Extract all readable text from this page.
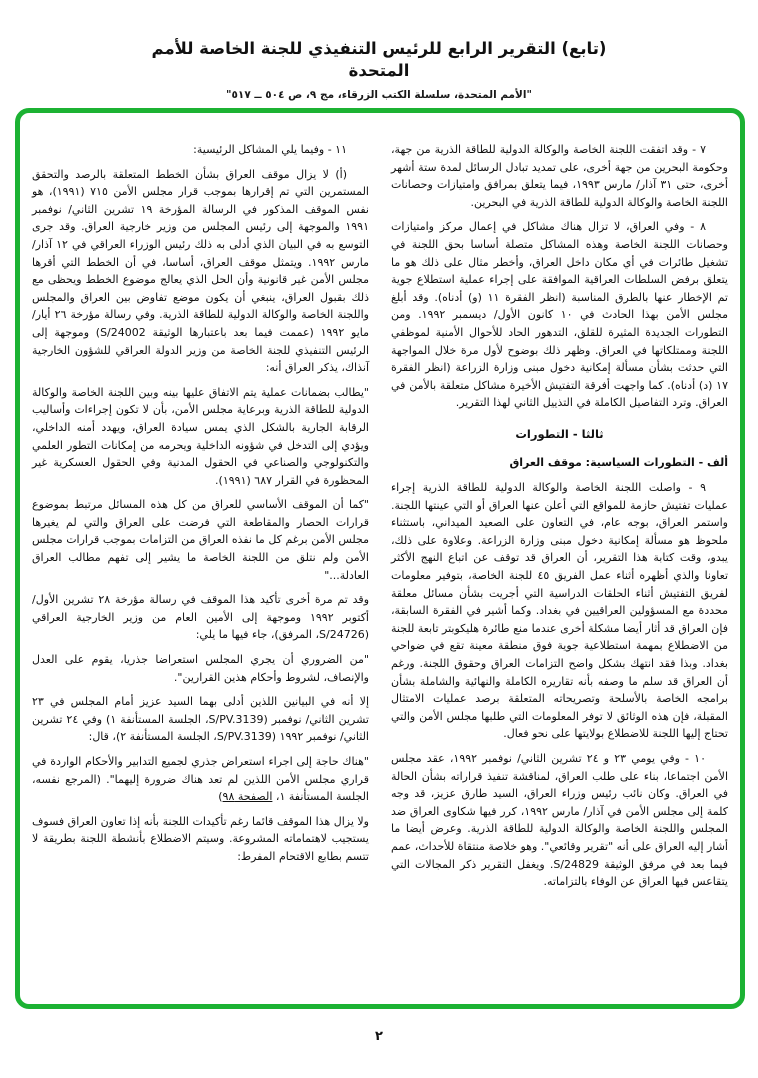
(تابع) التقرير الرابع للرئيس التنفيذي للجنة الخاصة للأمم المتحدة
"الأمم المتحدة، سلسلة الكتب الزرقاء، مج ٩، ص ٥٠٤ ــ ٥١٧"

٧ - وقد اتفقت اللجنة الخاصة والوكالة الدولية للطاقة الذرية من جهة، وحكومة البحرين من جهة أخرى، على تمديد تبادل الرسائل لمدة ستة أشهر أخرى، حتى ٣١ آذار/ مارس ١٩٩٣، فيما يتعلق بمرافق وامتيازات وحصانات اللجنة الخاصة والوكالة الدولية للطاقة الذرية في البحرين.

٨ - وفي العراق، لا تزال هناك مشاكل في إعمال مركز وامتيازات وحصانات اللجنة الخاصة وهذه المشاكل متصلة أساسا بحق اللجنة في تشغيل طائرات في أي مكان داخل العراق، وأخطر مثال على ذلك هو ما يتعلق برفض السلطات العراقية الموافقة على إجراء عملية استطلاع جوية تم الإخطار عنها بالطرق المناسبة (انظر الفقرة ١١ (و) أدناه). وقد أبلغ مجلس الأمن بهذا الحادث في ١٠ كانون الأول/ ديسمبر ١٩٩٢. ومن التطورات الجديدة المثيرة للقلق، التدهور الحاد للأحوال الأمنية لموظفي اللجنة وممتلكاتها في العراق. وظهر ذلك بوضوح لأول مرة خلال المواجهة التي حدثت بشأن مسألة إمكانية دخول مبنى وزارة الزراعة (انظر الفقرة ١٧ (د) أدناه). كما واجهت أفرقة التفتيش الأخيرة مشاكل متعلقة بالأمن في العراق. وترد التفاصيل الكاملة في التذييل الثاني لهذا التقرير.

ثالثا - التطورات
ألف - التطورات السياسية: موقف العراق

٩ - واصلت اللجنة الخاصة والوكالة الدولية للطاقة الذرية إجراء عمليات تفتيش حازمة للمواقع التي أعلن عنها العراق أو التي عينتها اللجنة. واستمر العراق، بوجه عام، في التعاون على الصعيد الميداني، باستثناء ملحوظ هو مسألة إمكانية دخول مبنى وزارة الزراعة. وعلاوة على ذلك، يبدو، وقت كتابة هذا التقرير، أن العراق قد توقف عن اتباع النهج الأكثر تعاونا والذي أظهره أثناء عمل الفريق ٤٥ للجنة الخاصة، بتوفير معلومات لفريق التفتيش أثناء الحلقات الدراسية التي أجريت بشأن مسائل معلقة محددة مع المسؤولين العراقيين في بغداد. وكما أشير في الفقرة السابقة، فإن العراق قد أثار أيضا مشكلة أخرى عندما منع طائرة هليكوبتر تابعة للجنة من الاضطلاع بمهمة استطلاعية جوية فوق منطقة معينة تقع في ضواحي بغداد. وبذا فقد انتهك بشكل واضح التزامات العراق وحقوق اللجنة. ورغم أن العراق قد سلم ما وصفه بأنه تقاريره الكاملة والنهائية والشاملة بشأن برامجه الخاصة بالأسلحة وتصريحاته المتعلقة برصد عمليات الامتثال المقبلة، فإن هذه الوثائق لا توفر المعلومات التي طلبها مجلس الأمن والتي تحتاج إليها اللجنة للاضطلاع بولايتها على نحو فعال.

١٠ - وفي يومي ٢٣ و ٢٤ تشرين الثاني/ نوفمبر ١٩٩٢، عقد مجلس الأمن اجتماعا، بناء على طلب العراق، لمناقشة تنفيذ قراراته بشأن الحالة في العراق. وكان نائب رئيس وزراء العراق، السيد طارق عزيز، قد وجه كلمة إلى مجلس الأمن في آذار/ مارس ١٩٩٢، كرر فيها شكاوى العراق ضد المجلس واللجنة الخاصة والوكالة الدولية للطاقة الذرية. وعرض أيضا ما أشار إليه العراق على أنه "تقرير وقائعي". وهو خلاصة منتقاة للأحداث، عمم فيما بعد في مرفق الوثيقة S/24829. ويغفل التقرير ذكر المجالات التي يتقاعس فيها العراق عن الوفاء بالتزاماته.

١١ - وفيما يلي المشاكل الرئيسية:

(أ) لا يزال موقف العراق بشأن الخطط المتعلقة بالرصد والتحقق المستمرين التي تم إقرارها بموجب قرار مجلس الأمن ٧١٥ (١٩٩١)، هو نفس الموقف المذكور في الرسالة المؤرخة ١٩ تشرين الثاني/ نوفمبر ١٩٩١ والموجهة إلى رئيس المجلس من وزير خارجية العراق. وقد جرى التوسع به في البيان الذي أدلى به ذلك رئيس الوزراء العراقي في ١٢ آذار/ مارس ١٩٩٢. ويتمثل موقف العراق، أساسا، في أن الخطط التي أقرها مجلس الأمن غير قانونية وأن الحل الذي يعالج موضوع الخطط ويحظى مع ذلك بقبول العراق، ينبغي أن يكون موضع تفاوض بين العراق والمجلس واللجنة الخاصة والوكالة الدولية للطاقة الذرية. وفي رسالة مؤرخة ٢٦ أيار/ مايو ١٩٩٢ (عممت فيما بعد باعتبارها الوثيقة S/24002) وموجهة إلى الرئيس التنفيذي للجنة الخاصة من وزير الدولة العراقي للشؤون الخارجية آنذاك، يذكر العراق أنه:

"يطالب بضمانات عملية يتم الاتفاق عليها بينه وبين اللجنة الخاصة والوكالة الدولية للطاقة الذرية وبرعاية مجلس الأمن، بأن لا تكون إجراءات وأساليب الرقابة الجارية بالشكل الذي يمس سيادة العراق، ويهدد أمنه الداخلي، ويؤدي إلى التدخل في شؤونه الداخلية ويحرمه من إمكانات التطور العلمي والتكنولوجي والصناعي في الحقول المدنية وفي الحقول العسكرية غير المحظورة في القرار ٦٨٧ (١٩٩١).

"كما أن الموقف الأساسي للعراق من كل هذه المسائل مرتبط بموضوع قرارات الحصار والمقاطعة التي فرضت على العراق والتي لم يغيرها مجلس الأمن برغم كل ما نفذه العراق من التزامات بموجب قرارات مجلس الأمن ولم نتلق من اللجنة الخاصة ما يشير إلى تفهم مطالب العراق العادلة..."

وقد تم مرة أخرى تأكيد هذا الموقف في رسالة مؤرخة ٢٨ تشرين الأول/ أكتوبر ١٩٩٢ وموجهة إلى الأمين العام من وزير الخارجية العراقي (S/24726، المرفق)، جاء فيها ما يلي:

"من الضروري أن يجري المجلس استعراضا جذريا، يقوم على العدل والإنصاف، لشروط وأحكام هذين القرارين".

إلا أنه في البيانين اللذين أدلى بهما السيد عزيز أمام المجلس في ٢٣ تشرين الثاني/ نوفمبر (S/PV.3139، الجلسة المستأنفة ١) وفي ٢٤ تشرين الثاني/ نوفمبر ١٩٩٢ (S/PV.3139، الجلسة المستأنفة ٢)، قال:

"هناك حاجة إلى اجراء استعراض جذري لجميع التدابير والأحكام الواردة في قراري مجلس الأمن اللذين لم تعد هناك ضرورة إليهما". (المرجع نفسه، الجلسة المستأنفة ١، الصفحة ٩٨)

ولا يزال هذا الموقف قائما رغم تأكيدات اللجنة بأنه إذا تعاون العراق فسوف يستجيب لاهتماماته المشروعة. وسيتم الاضطلاع بأنشطة اللجنة بطريقة لا تتسم بطابع الاقتحام المفرط:

٢
